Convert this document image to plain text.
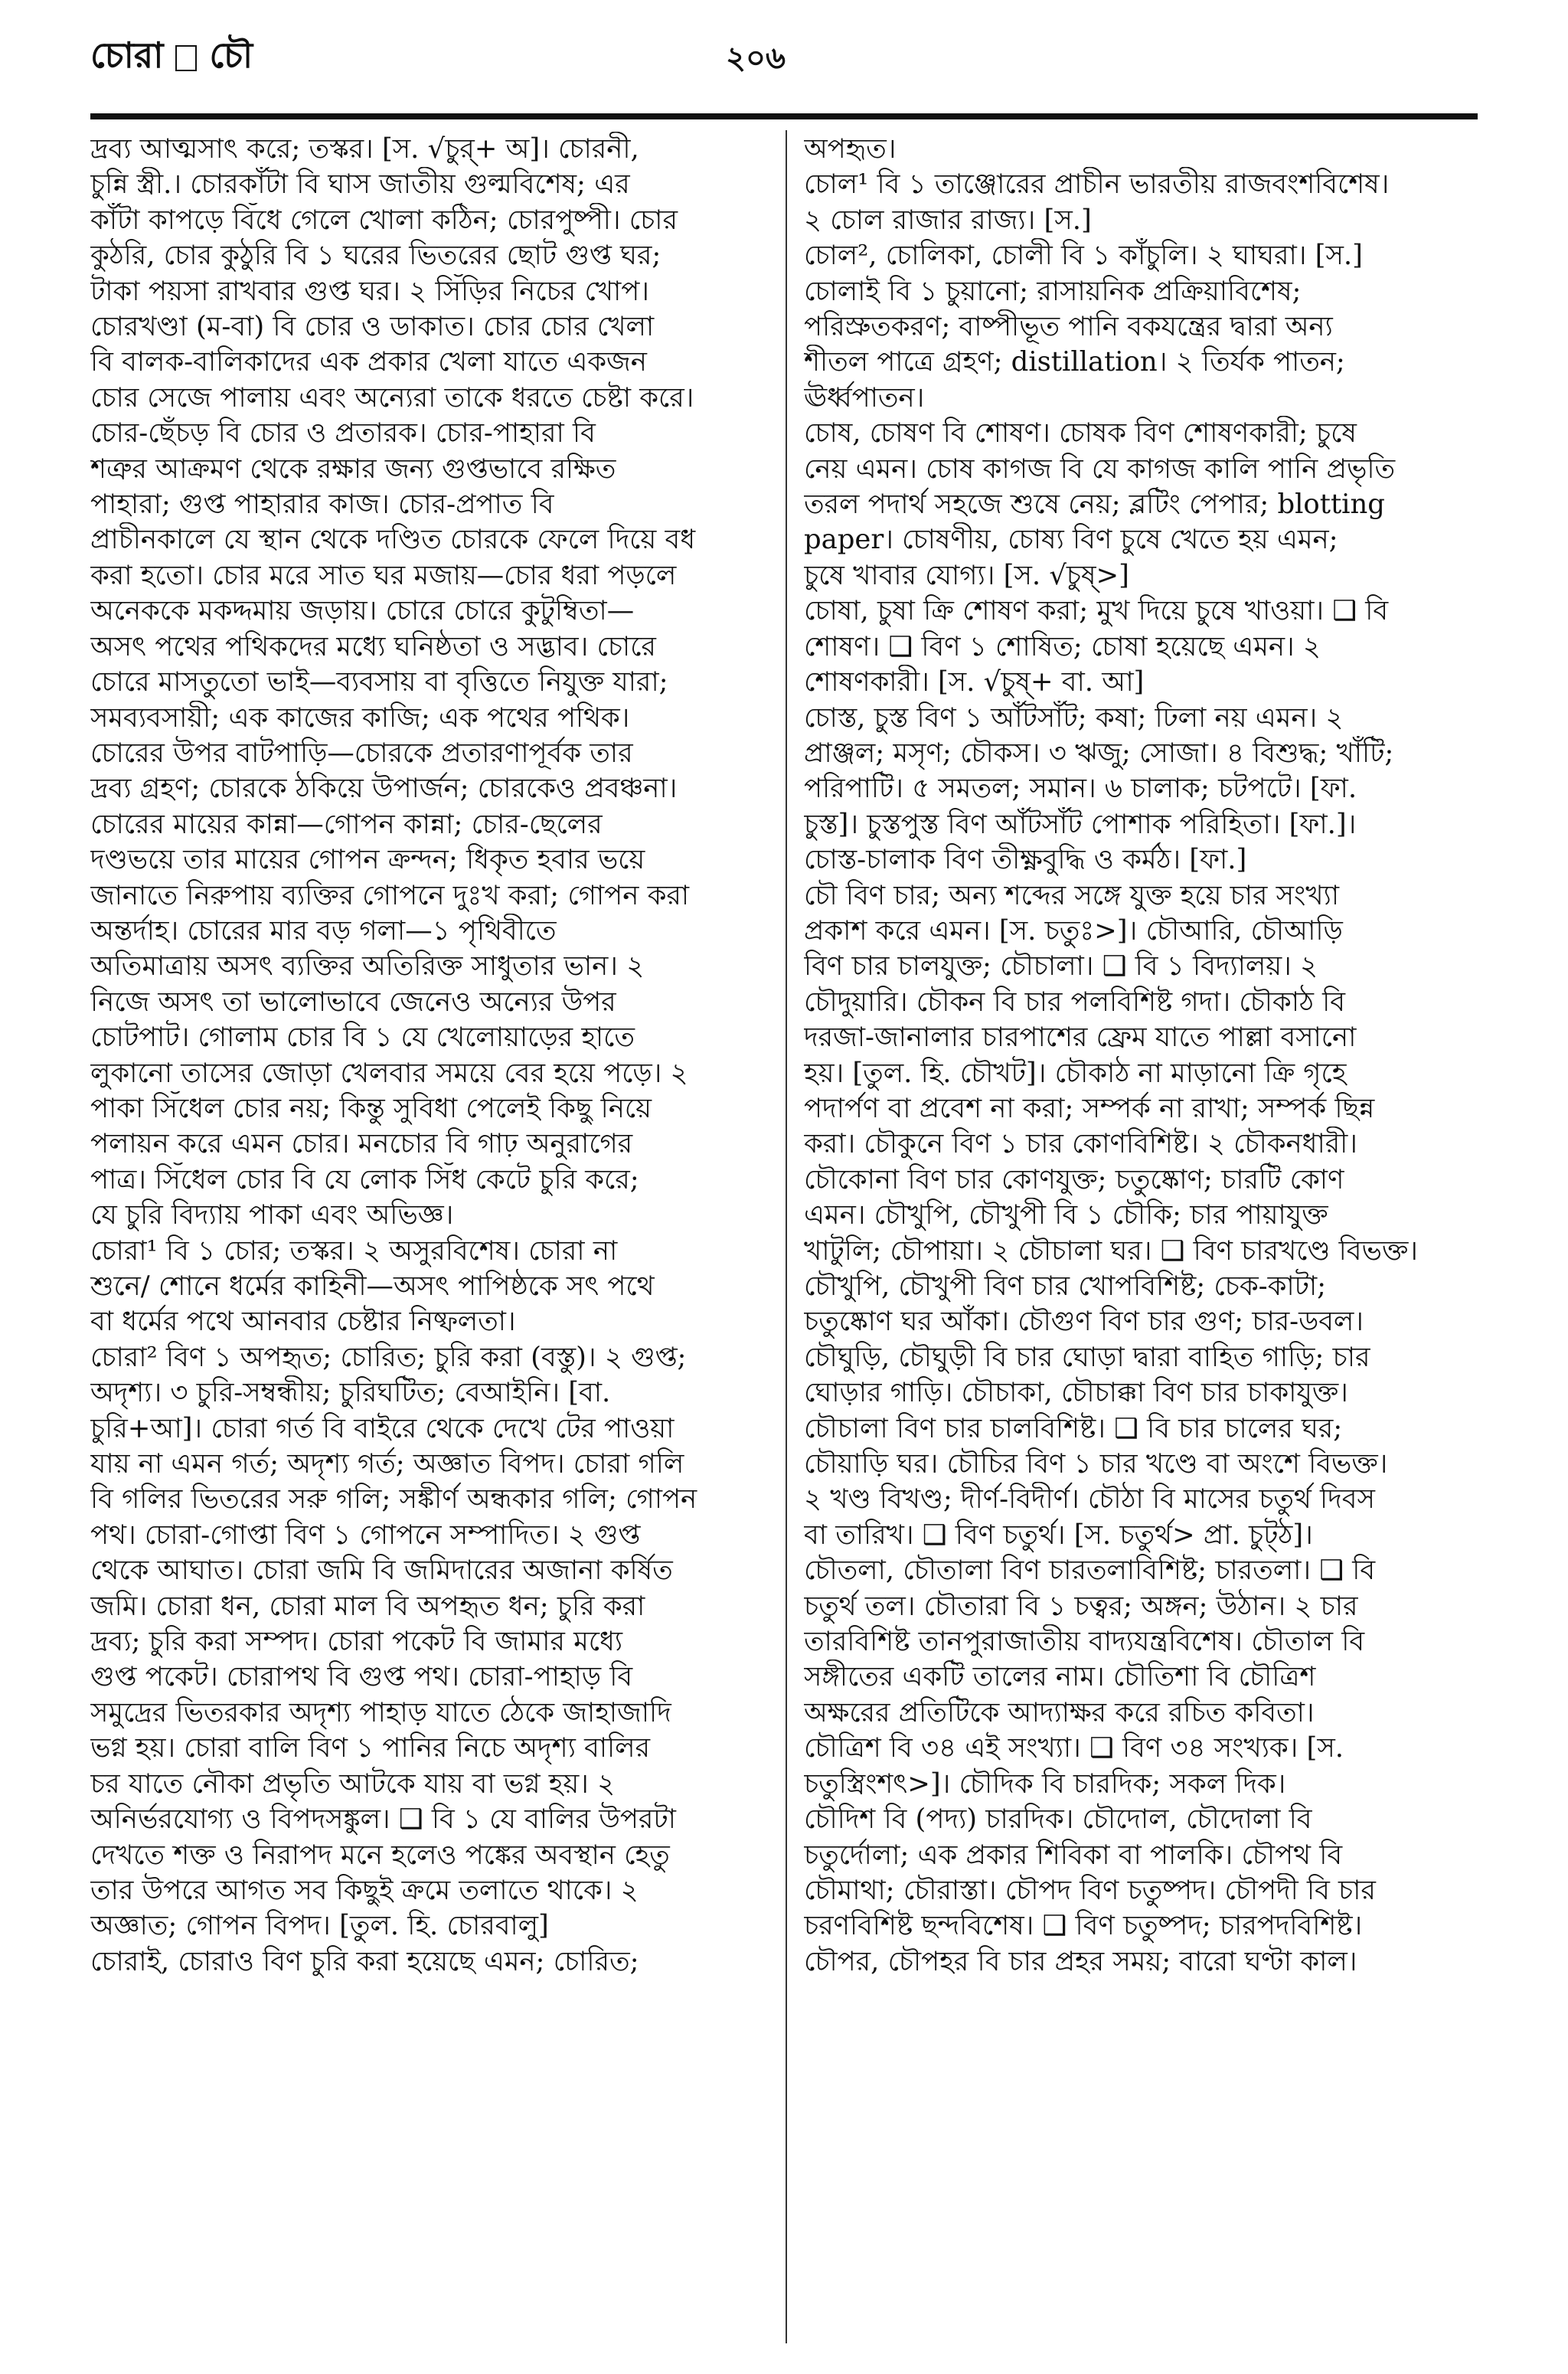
চোরা চৌ	২০৬
দ্রব্য আত্মসাৎ করে; তস্কর। [স. √চুর্‌+ অ]। চোরনী,
চুন্নি স্ত্রী.। চোরকাঁটা বি ঘাস জাতীয় গুল্মবিশেষ; এর
কাঁটা কাপড়ে বিঁধে গেলে খোলা কঠিন; চোরপুষ্পী। চোর
কুঠরি, চোর কুঠুরি বি ১ ঘরের ভিতরের ছোট গুপ্ত ঘর;
টাকা পয়সা রাখবার গুপ্ত ঘর। ২ সিঁড়ির নিচের খোপ।
চোরখণ্ডা (ম-বা) বি চোর ও ডাকাত। চোর চোর খেলা
বি বালক-বালিকাদের এক প্রকার খেলা যাতে একজন
চোর সেজে পালায় এবং অন্যেরা তাকে ধরতে চেষ্টা করে।
চোর-ছেঁচড় বি চোর ও প্রতারক। চোর-পাহারা বি
শত্রুর আক্রমণ থেকে রক্ষার জন্য গুপ্তভাবে রক্ষিত
পাহারা; গুপ্ত পাহারার কাজ। চোর-প্রপাত বি
প্রাচীনকালে যে স্থান থেকে দণ্ডিত চোরকে ফেলে দিয়ে বধ
করা হতো। চোর মরে সাত ঘর মজায়—চোর ধরা পড়লে
অনেককে মকদ্দমায় জড়ায়। চোরে চোরে কুটুম্বিতা—
অসৎ পথের পথিকদের মধ্যে ঘনিষ্ঠতা ও সদ্ভাব। চোরে
চোরে মাসতুতো ভাই—ব্যবসায় বা বৃত্তিতে নিযুক্ত যারা;
সমব্যবসায়ী; এক কাজের কাজি; এক পথের পথিক।
চোরের উপর বাটপাড়ি—চোরকে প্রতারণাপূর্বক তার
দ্রব্য গ্রহণ; চোরকে ঠকিয়ে উপার্জন; চোরকেও প্রবঞ্চনা।
চোরের মায়ের কান্না—গোপন কান্না; চোর-ছেলের
দণ্ডভয়ে তার মায়ের গোপন ক্রন্দন; ধিকৃত হবার ভয়ে
জানাতে নিরুপায় ব্যক্তির গোপনে দুঃখ করা; গোপন করা
অন্তর্দাহ। চোরের মার বড় গলা—১ পৃথিবীতে
অতিমাত্রায় অসৎ ব্যক্তির অতিরিক্ত সাধুতার ভান। ২
নিজে অসৎ তা ভালোভাবে জেনেও অন্যের উপর
চোটপাট। গোলাম চোর বি ১ যে খেলোয়াড়ের হাতে
লুকানো তাসের জোড়া খেলবার সময়ে বের হয়ে পড়ে। ২
পাকা সিঁধেল চোর নয়; কিন্তু সুবিধা পেলেই কিছু নিয়ে
পলায়ন করে এমন চোর। মনচোর বি গাঢ় অনুরাগের
পাত্র। সিঁধেল চোর বি যে লোক সিঁধ কেটে চুরি করে;
যে চুরি বিদ্যায় পাকা এবং অভিজ্ঞ।
চোরা¹ বি ১ চোর; তস্কর। ২ অসুরবিশেষ। চোরা না
শুনে/ শোনে ধর্মের কাহিনী—অসৎ পাপিষ্ঠকে সৎ পথে
বা ধর্মের পথে আনবার চেষ্টার নিষ্ফলতা।
চোরা² বিণ ১ অপহৃত; চোরিত; চুরি করা (বস্তু)। ২ গুপ্ত;
অদৃশ্য। ৩ চুরি-সম্বন্ধীয়; চুরিঘটিত; বেআইনি। [বা.
চুরি+আ]। চোরা গর্ত বি বাইরে থেকে দেখে টের পাওয়া
যায় না এমন গর্ত; অদৃশ্য গর্ত; অজ্ঞাত বিপদ। চোরা গলি
বি গলির ভিতরের সরু গলি; সঙ্কীর্ণ অন্ধকার গলি; গোপন
পথ। চোরা-গোপ্তা বিণ ১ গোপনে সম্পাদিত। ২ গুপ্ত
থেকে আঘাত। চোরা জমি বি জমিদারের অজানা কর্ষিত
জমি। চোরা ধন, চোরা মাল বি অপহৃত ধন; চুরি করা
দ্রব্য; চুরি করা সম্পদ। চোরা পকেট বি জামার মধ্যে
গুপ্ত পকেট। চোরাপথ বি গুপ্ত পথ। চোরা-পাহাড় বি
সমুদ্রের ভিতরকার অদৃশ্য পাহাড় যাতে ঠেকে জাহাজাদি
ভগ্ন হয়। চোরা বালি বিণ ১ পানির নিচে অদৃশ্য বালির
চর যাতে নৌকা প্রভৃতি আটকে যায় বা ভগ্ন হয়। ২
অনির্ভরযোগ্য ও বিপদসঙ্কুল। ❑ বি ১ যে বালির উপরটা
দেখতে শক্ত ও নিরাপদ মনে হলেও পঙ্কের অবস্থান হেতু
তার উপরে আগত সব কিছুই ক্রমে তলাতে থাকে। ২
অজ্ঞাত; গোপন বিপদ। [তুল. হি. চোরবালু]
চোরাই, চোরাও বিণ চুরি করা হয়েছে এমন; চোরিত;
অপহৃত।
চোল¹ বি ১ তাঞ্জোরের প্রাচীন ভারতীয় রাজবংশবিশেষ।
২ চোল রাজার রাজ্য। [স.]
চোল², চোলিকা, চোলী বি ১ কাঁচুলি। ২ ঘাঘরা। [স.]
চোলাই বি ১ চুয়ানো; রাসায়নিক প্রক্রিয়াবিশেষ;
পরিস্রুতকরণ; বাষ্পীভূত পানি বকযন্ত্রের দ্বারা অন্য
শীতল পাত্রে গ্রহণ; distillation। ২ তির্যক পাতন;
ঊর্ধ্বপাতন।
চোষ, চোষণ বি শোষণ। চোষক বিণ শোষণকারী; চুষে
নেয় এমন। চোষ কাগজ বি যে কাগজ কালি পানি প্রভৃতি
তরল পদার্থ সহজে শুষে নেয়; ব্লটিং পেপার; blotting
paper। চোষণীয়, চোষ্য বিণ চুষে খেতে হয় এমন;
চুষে খাবার যোগ্য। [স. √চুষ্‌>]
চোষা, চুষা ক্রি শোষণ করা; মুখ দিয়ে চুষে খাওয়া। ❑ বি
শোষণ। ❑ বিণ ১ শোষিত; চোষা হয়েছে এমন। ২
শোষণকারী। [স. √চুষ্‌+ বা. আ]
চোস্ত, চুস্ত বিণ ১ আঁটসাঁট; কষা; ঢিলা নয় এমন। ২
প্রাঞ্জল; মসৃণ; চৌকস। ৩ ঋজু; সোজা। ৪ বিশুদ্ধ; খাঁটি;
পরিপাটি। ৫ সমতল; সমান। ৬ চালাক; চটপটে। [ফা.
চুস্ত]। চুস্তপুস্ত বিণ আঁটসাঁট পোশাক পরিহিতা। [ফা.]।
চোস্ত-চালাক বিণ তীক্ষ্ণবুদ্ধি ও কর্মঠ। [ফা.]
চৌ বিণ চার; অন্য শব্দের সঙ্গে যুক্ত হয়ে চার সংখ্যা
প্রকাশ করে এমন। [স. চতুঃ>]। চৌআরি, চৌআড়ি
বিণ চার চালযুক্ত; চৌচালা। ❑ বি ১ বিদ্যালয়। ২
চৌদুয়ারি। চৌকন বি চার পলবিশিষ্ট গদা। চৌকাঠ বি
দরজা-জানালার চারপাশের ফ্রেম যাতে পাল্লা বসানো
হয়। [তুল. হি. চৌখট]। চৌকাঠ না মাড়ানো ক্রি গৃহে
পদার্পণ বা প্রবেশ না করা; সম্পর্ক না রাখা; সম্পর্ক ছিন্ন
করা। চৌকুনে বিণ ১ চার কোণবিশিষ্ট। ২ চৌকনধারী।
চৌকোনা বিণ চার কোণযুক্ত; চতুষ্কোণ; চারটি কোণ
এমন। চৌখুপি, চৌখুপী বি ১ চৌকি; চার পায়াযুক্ত
খাটুলি; চৌপায়া। ২ চৌচালা ঘর। ❑ বিণ চারখণ্ডে বিভক্ত।
চৌখুপি, চৌখুপী বিণ চার খোপবিশিষ্ট; চেক-কাটা;
চতুষ্কোণ ঘর আঁকা। চৌগুণ বিণ চার গুণ; চার-ডবল।
চৌঘুড়ি, চৌঘুড়ী বি চার ঘোড়া দ্বারা বাহিত গাড়ি; চার
ঘোড়ার গাড়ি। চৌচাকা, চৌচাক্কা বিণ চার চাকাযুক্ত।
চৌচালা বিণ চার চালবিশিষ্ট। ❑ বি চার চালের ঘর;
চৌয়াড়ি ঘর। চৌচির বিণ ১ চার খণ্ডে বা অংশে বিভক্ত।
২ খণ্ড বিখণ্ড; দীর্ণ-বিদীর্ণ। চৌঠা বি মাসের চতুর্থ দিবস
বা তারিখ। ❑ বিণ চতুর্থ। [স. চতুর্থ> প্রা. চুট্‌ঠ]।
চৌতলা, চৌতালা বিণ চারতলাবিশিষ্ট; চারতলা। ❑ বি
চতুর্থ তল। চৌতারা বি ১ চত্বর; অঙ্গন; উঠান। ২ চার
তারবিশিষ্ট তানপুরাজাতীয় বাদ্যযন্ত্রবিশেষ। চৌতাল বি
সঙ্গীতের একটি তালের নাম। চৌতিশা বি চৌত্রিশ
অক্ষরের প্রতিটিকে আদ্যাক্ষর করে রচিত কবিতা।
চৌত্রিশ বি ৩৪ এই সংখ্যা। ❑ বিণ ৩৪ সংখ্যক। [স.
চতুস্ত্রিংশৎ>]। চৌদিক বি চারদিক; সকল দিক।
চৌদিশ বি (পদ্য) চারদিক। চৌদোল, চৌদোলা বি
চতুর্দোলা; এক প্রকার শিবিকা বা পালকি। চৌপথ বি
চৌমাথা; চৌরাস্তা। চৌপদ বিণ চতুষ্পদ। চৌপদী বি চার
চরণবিশিষ্ট ছন্দবিশেষ। ❑ বিণ চতুষ্পদ; চারপদবিশিষ্ট।
চৌপর, চৌপহর বি চার প্রহর সময়; বারো ঘণ্টা কাল।
